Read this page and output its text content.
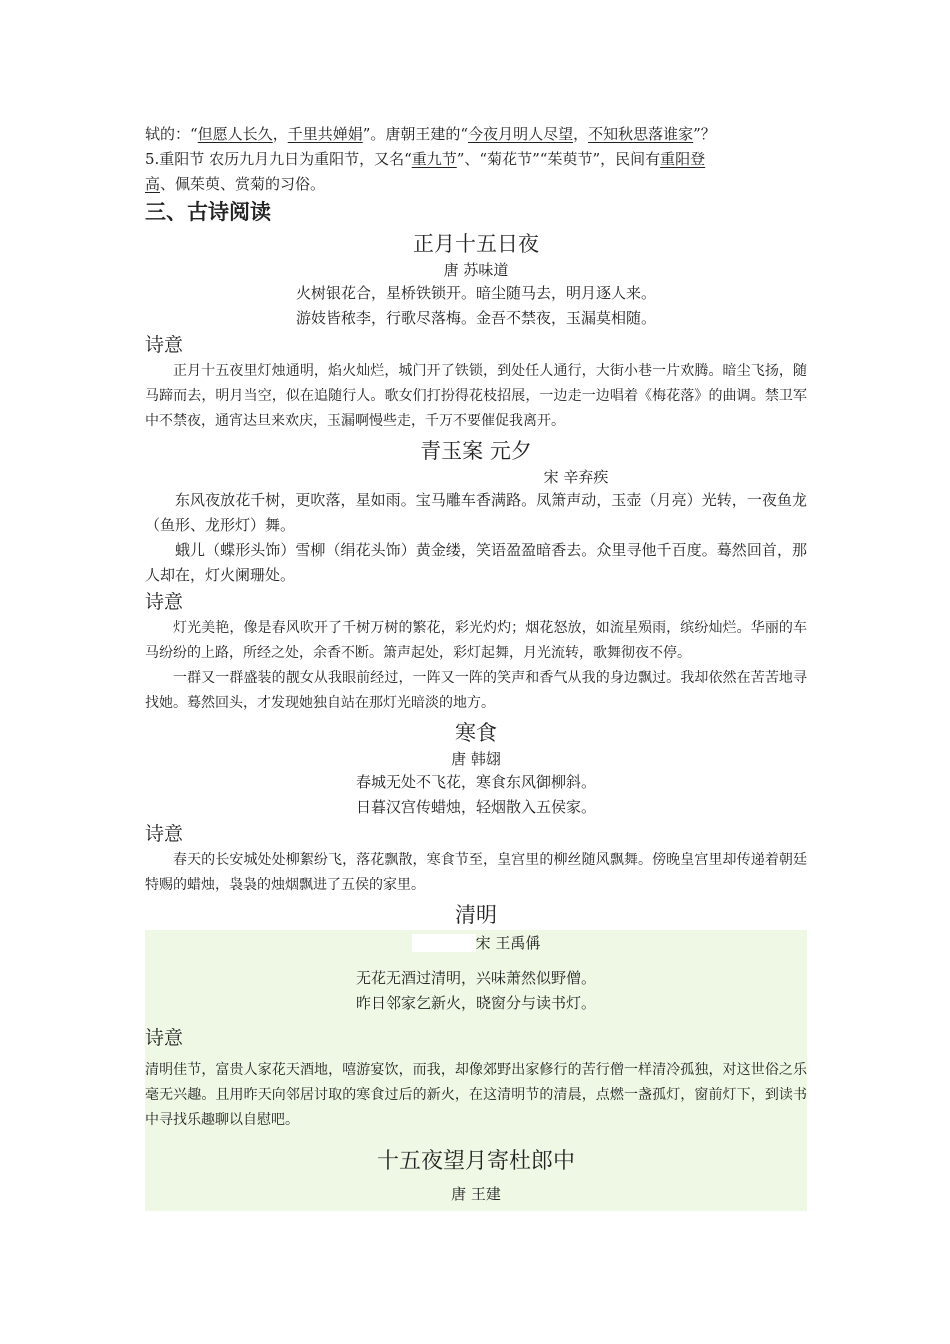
轼的：“但愿人长久，千里共婵娟”。唐朝王建的“今夜月明人尽望，不知秋思落谁家”？

5.重阳节 农历九月九日为重阳节，又名“重九节”、“菊花节”“茱萸节”，民间有重阳登

高、佩茱萸、赏菊的习俗。

三、古诗阅读

正月十五日夜

唐 苏味道

火树银花合，星桥铁锁开。暗尘随马去，明月逐人来。

游妓皆秾李，行歌尽落梅。金吾不禁夜，玉漏莫相随。

诗意

正月十五夜里灯烛通明，焰火灿烂，城门开了铁锁，到处任人通行，大街小巷一片欢腾。暗尘飞扬，随马蹄而去，明月当空，似在追随行人。歌女们打扮得花枝招展，一边走一边唱着《梅花落》的曲调。禁卫军中不禁夜，通宵达旦来欢庆，玉漏啊慢些走，千万不要催促我离开。

青玉案 元夕

宋 辛弃疾

东风夜放花千树，更吹落，星如雨。宝马雕车香满路。凤箫声动，玉壶（月亮）光转，一夜鱼龙（鱼形、龙形灯）舞。

蛾儿（蝶形头饰）雪柳（绢花头饰）黄金缕，笑语盈盈暗香去。众里寻他千百度。蓦然回首，那人却在，灯火阑珊处。

诗意

灯光美艳，像是春风吹开了千树万树的繁花，彩光灼灼；烟花怒放，如流星殒雨，缤纷灿烂。华丽的车马纷纷的上路，所经之处，余香不断。箫声起处，彩灯起舞，月光流转，歌舞彻夜不停。

一群又一群盛装的靓女从我眼前经过，一阵又一阵的笑声和香气从我的身边飘过。我却依然在苦苦地寻找她。蓦然回头，才发现她独自站在那灯光暗淡的地方。

寒食

唐 韩翃

春城无处不飞花，寒食东风御柳斜。

日暮汉宫传蜡烛，轻烟散入五侯家。

诗意

春天的长安城处处柳絮纷飞，落花飘散，寒食节至，皇宫里的柳丝随风飘舞。傍晚皇宫里却传递着朝廷特赐的蜡烛，袅袅的烛烟飘进了五侯的家里。

清明

宋 王禹偁

无花无酒过清明，兴味萧然似野僧。

昨日邻家乞新火，晓窗分与读书灯。

诗意

清明佳节，富贵人家花天酒地，嘻游宴饮，而我，却像郊野出家修行的苦行僧一样清冷孤独，对这世俗之乐毫无兴趣。且用昨天向邻居讨取的寒食过后的新火，在这清明节的清晨，点燃一盏孤灯，窗前灯下，到读书中寻找乐趣聊以自慰吧。

十五夜望月寄杜郎中

唐 王建
